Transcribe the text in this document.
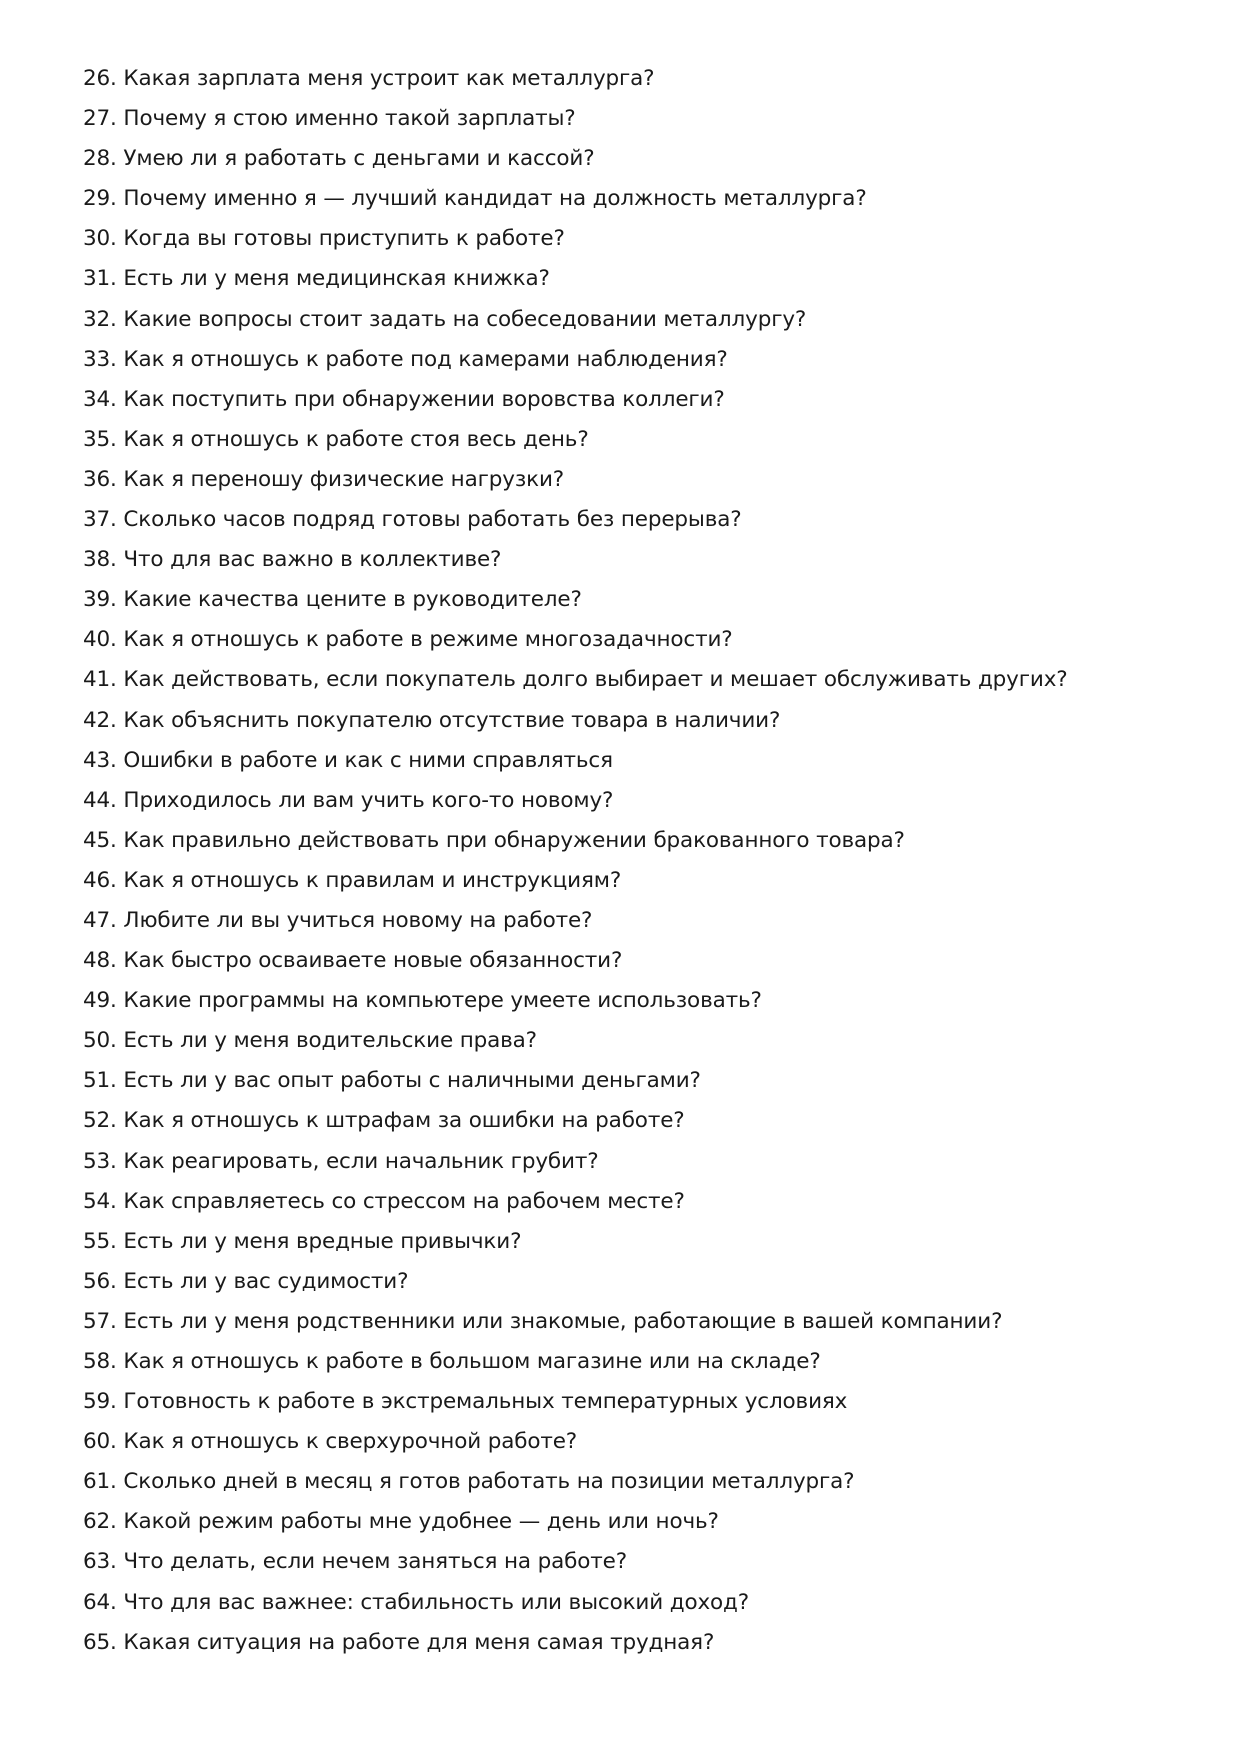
26. Какая зарплата меня устроит как металлурга?
27. Почему я стою именно такой зарплаты?
28. Умею ли я работать с деньгами и кассой?
29. Почему именно я — лучший кандидат на должность металлурга?
30. Когда вы готовы приступить к работе?
31. Есть ли у меня медицинская книжка?
32. Какие вопросы стоит задать на собеседовании металлургу?
33. Как я отношусь к работе под камерами наблюдения?
34. Как поступить при обнаружении воровства коллеги?
35. Как я отношусь к работе стоя весь день?
36. Как я переношу физические нагрузки?
37. Сколько часов подряд готовы работать без перерыва?
38. Что для вас важно в коллективе?
39. Какие качества цените в руководителе?
40. Как я отношусь к работе в режиме многозадачности?
41. Как действовать, если покупатель долго выбирает и мешает обслуживать других?
42. Как объяснить покупателю отсутствие товара в наличии?
43. Ошибки в работе и как с ними справляться
44. Приходилось ли вам учить кого-то новому?
45. Как правильно действовать при обнаружении бракованного товара?
46. Как я отношусь к правилам и инструкциям?
47. Любите ли вы учиться новому на работе?
48. Как быстро осваиваете новые обязанности?
49. Какие программы на компьютере умеете использовать?
50. Есть ли у меня водительские права?
51. Есть ли у вас опыт работы с наличными деньгами?
52. Как я отношусь к штрафам за ошибки на работе?
53. Как реагировать, если начальник грубит?
54. Как справляетесь со стрессом на рабочем месте?
55. Есть ли у меня вредные привычки?
56. Есть ли у вас судимости?
57. Есть ли у меня родственники или знакомые, работающие в вашей компании?
58. Как я отношусь к работе в большом магазине или на складе?
59. Готовность к работе в экстремальных температурных условиях
60. Как я отношусь к сверхурочной работе?
61. Сколько дней в месяц я готов работать на позиции металлурга?
62. Какой режим работы мне удобнее — день или ночь?
63. Что делать, если нечем заняться на работе?
64. Что для вас важнее: стабильность или высокий доход?
65. Какая ситуация на работе для меня самая трудная?
